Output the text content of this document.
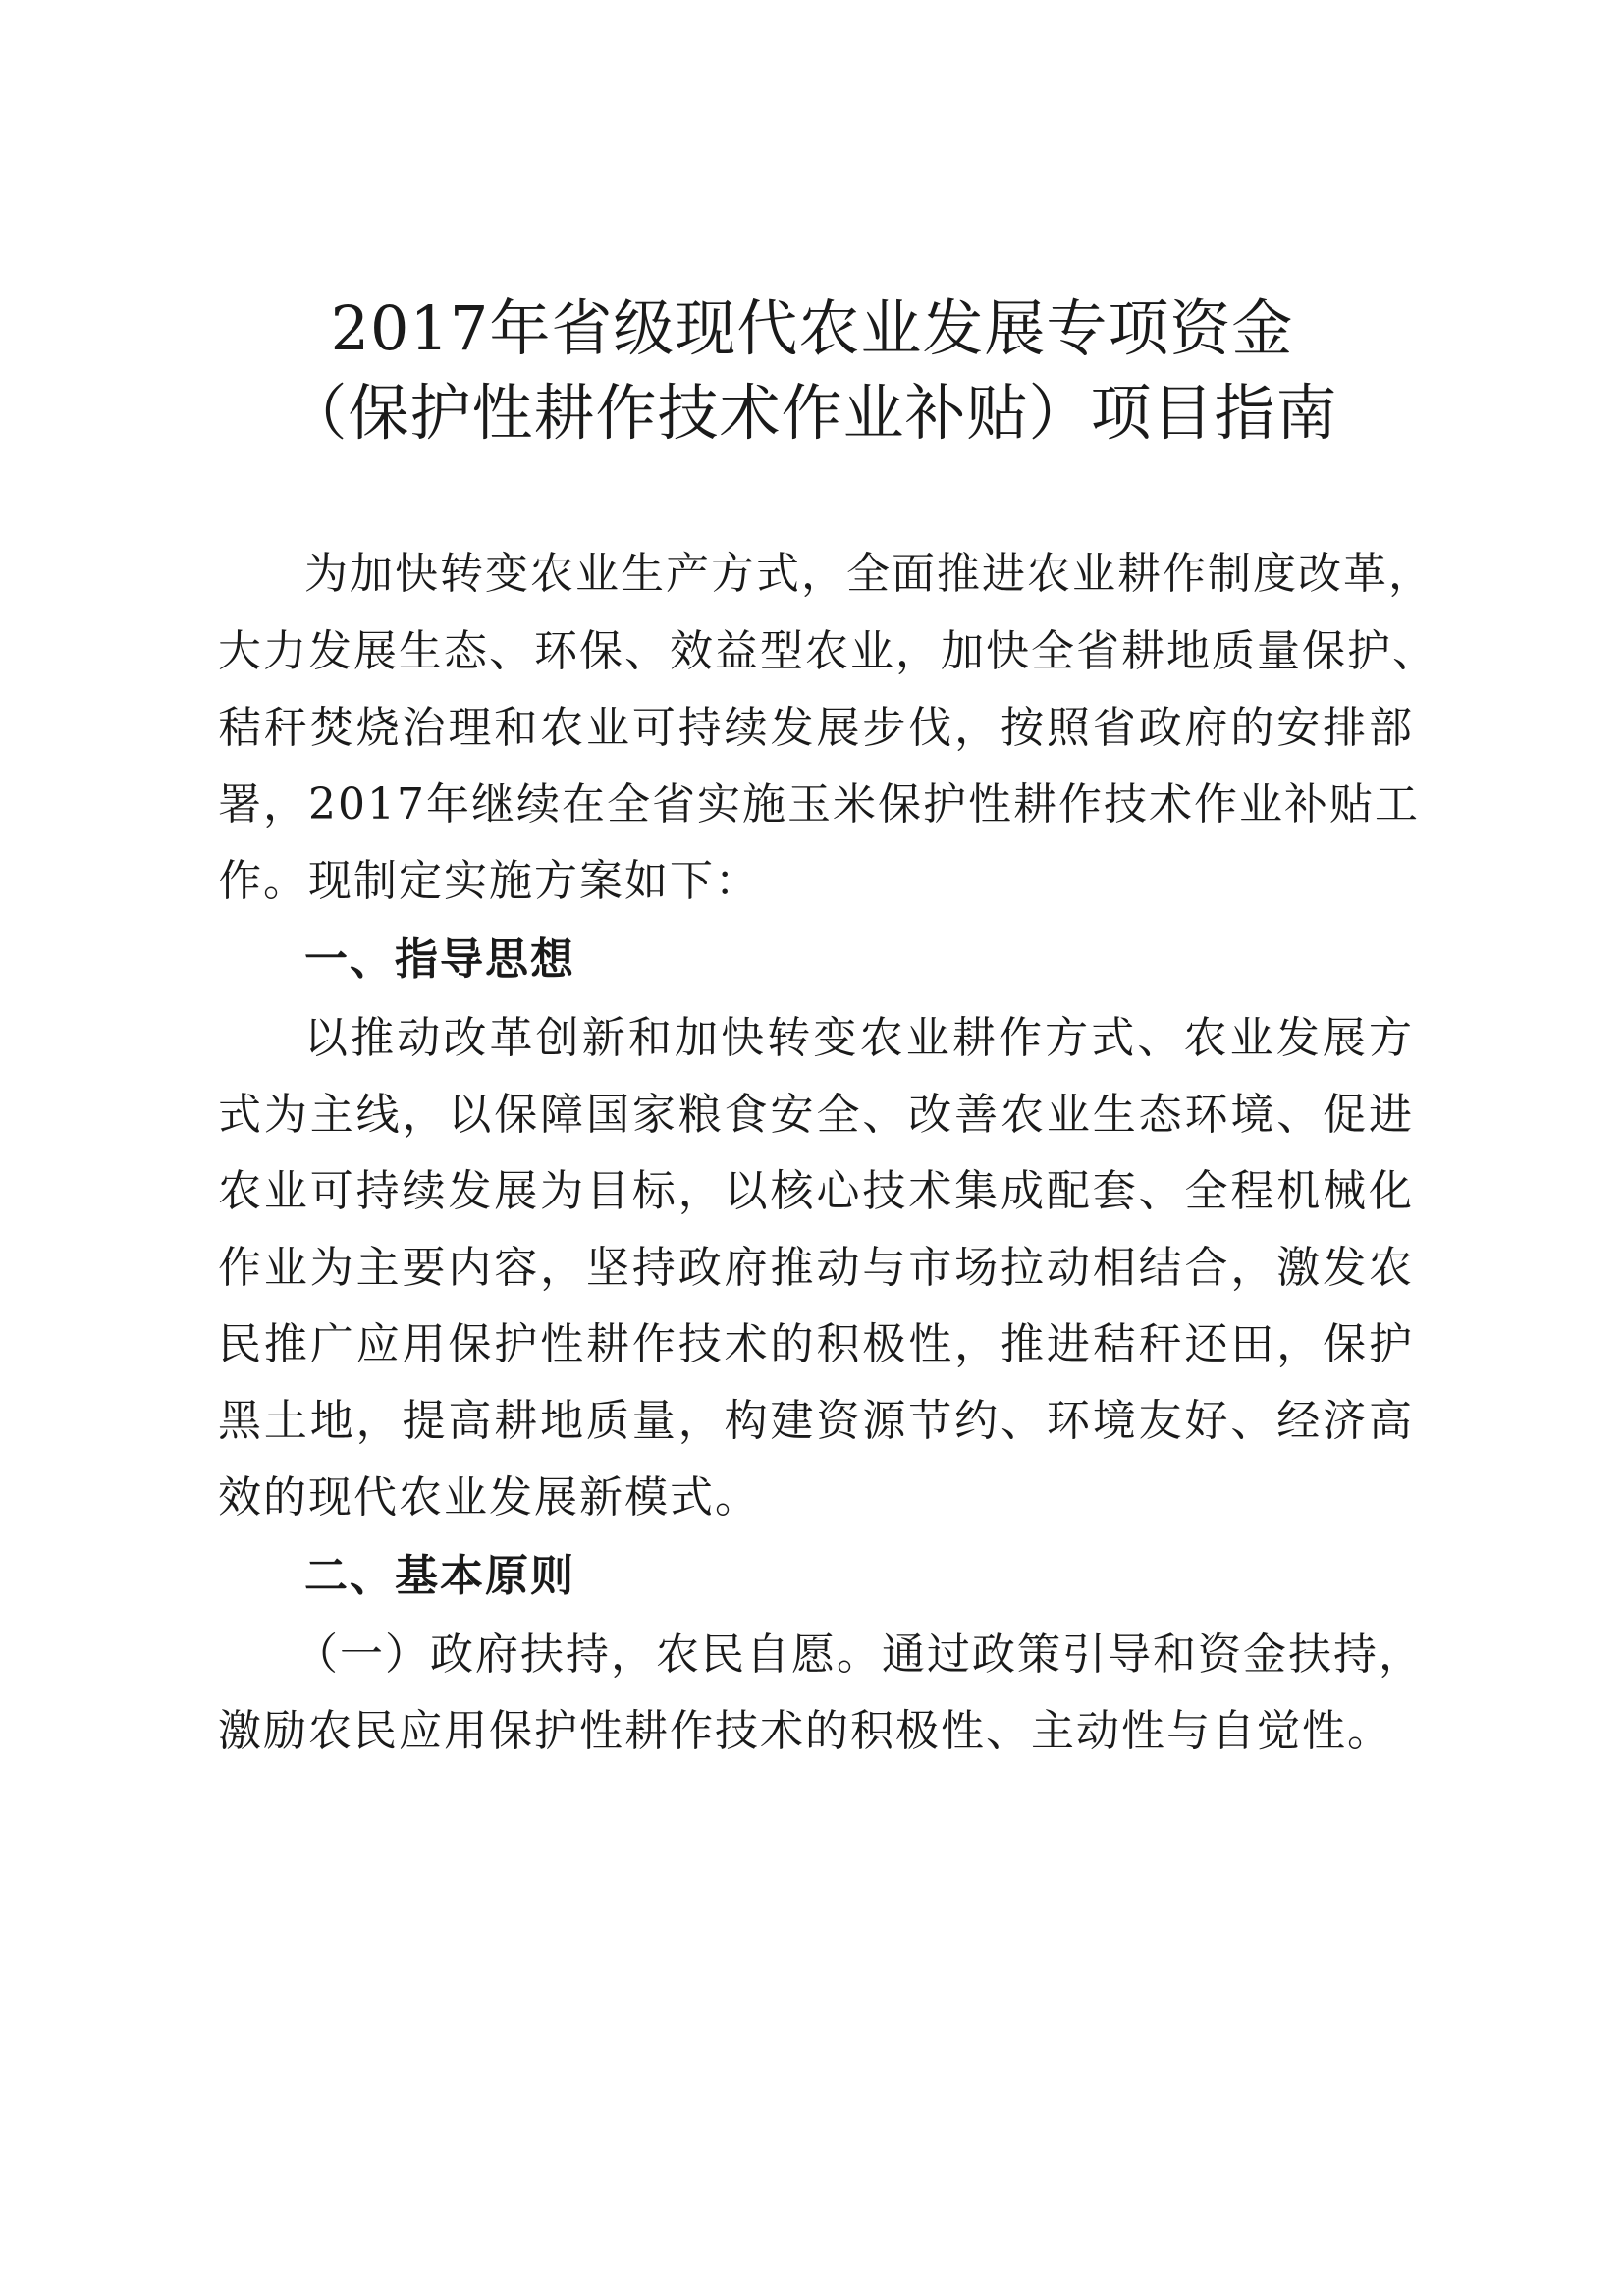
2017年省级现代农业发展专项资金
（保护性耕作技术作业补贴）项目指南

为加快转变农业生产方式，全面推进农业耕作制度改革，

大力发展生态、环保、效益型农业，加快全省耕地质量保护、

秸秆焚烧治理和农业可持续发展步伐，按照省政府的安排部

署，2017年继续在全省实施玉米保护性耕作技术作业补贴工

作。现制定实施方案如下：

一、指导思想

以推动改革创新和加快转变农业耕作方式、农业发展方

式为主线，以保障国家粮食安全、改善农业生态环境、促进

农业可持续发展为目标，以核心技术集成配套、全程机械化

作业为主要内容，坚持政府推动与市场拉动相结合，激发农

民推广应用保护性耕作技术的积极性，推进秸秆还田，保护

黑土地，提高耕地质量，构建资源节约、环境友好、经济高

效的现代农业发展新模式。

二、基本原则

（一）政府扶持，农民自愿。通过政策引导和资金扶持，

激励农民应用保护性耕作技术的积极性、主动性与自觉性。
